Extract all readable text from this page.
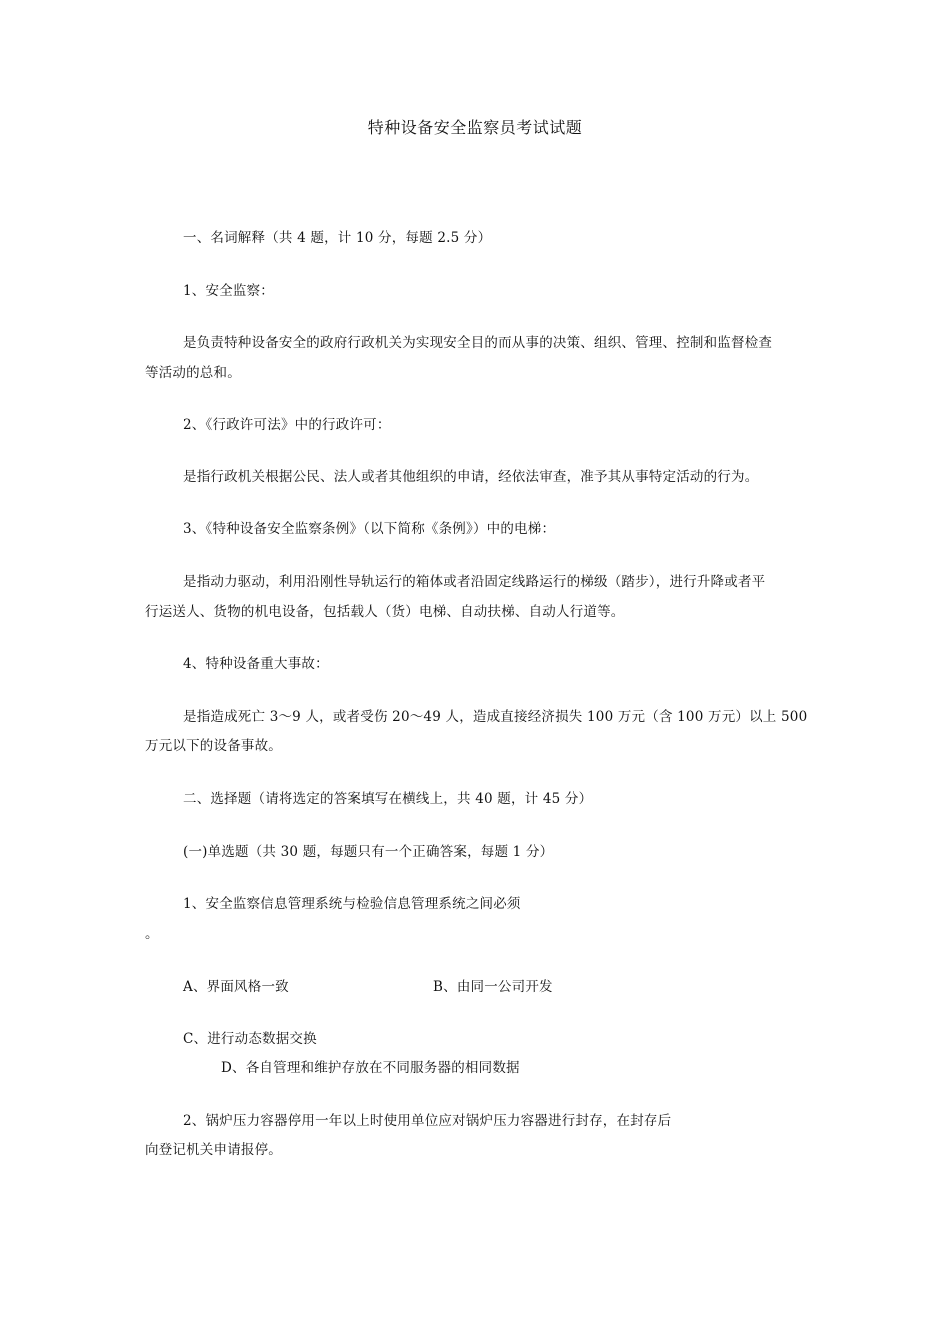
特种设备安全监察员考试试题
一、名词解释（共 4 题，计 10 分，每题 2.5 分）
1、安全监察：
是负责特种设备安全的政府行政机关为实现安全目的而从事的决策、组织、管理、控制和监督检查
等活动的总和。
2、《行政许可法》中的行政许可：
是指行政机关根据公民、法人或者其他组织的申请，经依法审查，准予其从事特定活动的行为。
3、《特种设备安全监察条例》（以下简称《条例》）中的电梯：
是指动力驱动，利用沿刚性导轨运行的箱体或者沿固定线路运行的梯级（踏步），进行升降或者平
行运送人、货物的机电设备，包括载人（货）电梯、自动扶梯、自动人行道等。
4、特种设备重大事故：
是指造成死亡 3～9 人，或者受伤 20～49 人，造成直接经济损失 100 万元（含 100 万元）以上 500
万元以下的设备事故。
二、选择题（请将选定的答案填写在横线上，共 40 题，计 45 分）
(一)单选题（共 30 题，每题只有一个正确答案，每题 1 分）
1、安全监察信息管理系统与检验信息管理系统之间必须
。
A、界面风格一致	B、由同一公司开发
C、进行动态数据交换
D、各自管理和维护存放在不同服务器的相同数据
2、锅炉压力容器停用一年以上时使用单位应对锅炉压力容器进行封存，在封存后
向登记机关申请报停。
